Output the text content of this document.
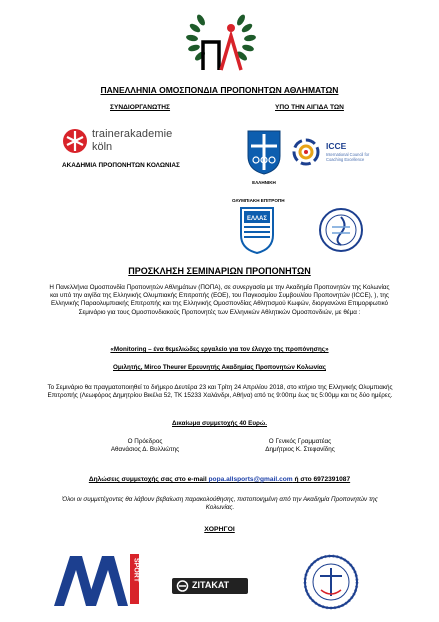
ΠΑΝΕΛΛΗΝΙΑ ΟΜΟΣΠΟΝΔΙΑ ΠΡΟΠΟΝΗΤΩΝ ΑΘΛΗΜΑΤΩΝ
ΣΥΝΔΙΟΡΓΑΝΩΤΗΣ	ΥΠΟ ΤΗΝ ΑΙΓΙΔΑ ΤΩΝ
trainerakademie
köln
ΑΚΑΔΗΜΙΑ ΠΡΟΠΟΝΗΤΩΝ ΚΟΛΩΝΙΑΣ
ΕΛΛΗΝΙΚΗ
ICCE
International Council for Coaching Excellence
ΟΛΥΜΠΙΑΚΗ ΕΠΙΤΡΟΠΗ
ΕΛΛΑΣ
ΠΡΟΣΚΛΗΣΗ ΣΕΜΙΝΑΡΙΩΝ ΠΡΟΠΟΝΗΤΩΝ
Η Πανελλήνια Ομοσπονδία Προπονητών Αθλημάτων (ΠΟΠΑ), σε συνεργασία με την Ακαδημία Προπονητών της Κολωνίας και υπό την αιγίδα της Ελληνικής Ολυμπιακής Επιτροπής (ΕΟΕ), του Παγκοσμίου Συμβουλίου Προπονητών (ICCE), ), της Ελληνικής Παραολυμπιακής Επιτροπής και της Ελληνικής Ομοσπονδίας Αθλητισμού Κωφών, διοργανώνει Επιμορφωτικό Σεμινάριο για τους Ομοσπονδιακούς Προπονητές των Ελληνικών Αθλητικών Ομοσπονδιών, με θέμα :
«Monitoring – ένα θεμελιώδες εργαλείο για τον έλεγχο της προπόνησης»
Ομιλητής, Mirco Theurer Ερευνητής Ακαδημίας Προπονητών Κολωνίας
Το Σεμινάριο θα πραγματοποιηθεί το διήμερο Δευτέρα 23 και Τρίτη 24 Απριλίου 2018, στο κτήριο της Ελληνικής Ολυμπιακής Επιτροπής (Λεωφόρος Δημητρίου Βικέλα 52, ΤΚ 15233 Χαλάνδρι, Αθήνα) από τις 9:00πμ έως τις 5:00μμ και τις δύο ημέρες.
Δικαίωμα συμμετοχής 40 Ευρώ.
Ο Πρόεδρος
Αθανάσιος Δ. Βυλλιώτης
Ο Γενικός Γραμματέας
Δημήτριος Κ. Στεφανίδης
Δηλώσεις συμμετοχής σας στο e-mail popa.allsports@gmail.com ή στο 6972391087
Όλοι οι συμμετέχοντες θα λάβουν βεβαίωση παρακολούθησης, πιστοποιημένη από την Ακαδημία Προπονητών της Κολωνίας.
ΧΟΡΗΓΟΙ
SPORT
ZITAKAT
